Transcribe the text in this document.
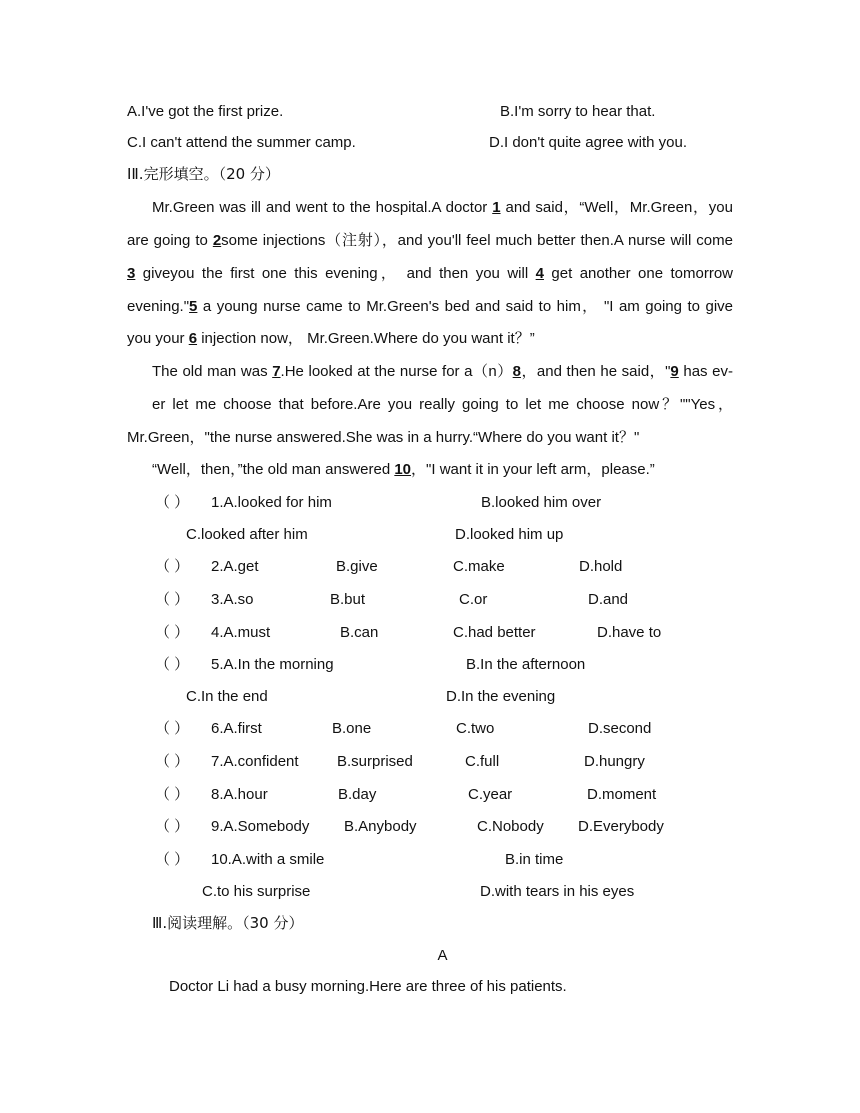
A.I've got the first prize.	B.I'm sorry to hear that.
C.I can't attend the summer camp.	D.I don't quite agree with you.
IⅡ.完形填空。（20 分）
Mr.Green was ill and went to the hospital.A doctor 1 and said，“Well，Mr.Green，you
are going to 2some injections（注射），and you'll feel much better then.A nurse will come
3 giveyou the first one this evening， and then you will 4 get another one tomorrow
evening."5 a young nurse came to Mr.Green's bed and said to him， "I am going to give
you your 6 injection now， Mr.Green.Where do you want it？”
The old man was 7.He looked at the nurse for a（n）8，and then he said，"9 has ev-
er let me choose that before.Are you really going to let me choose now？""Yes，
Mr.Green，"the nurse answered.She was in a hurry.“Where do you want it？"
“Well，then，”the old man answered 10，"I want it in your left arm，please.”
（ ） 1.A.looked for him	B.looked him over
C.looked after him	D.looked him up
（ ） 2.A.get	B.give	C.make	D.hold
（ ） 3.A.so	B.but	C.or	D.and
（ ） 4.A.must	B.can	C.had better	D.have to
（ ） 5.A.In the morning	B.In the afternoon
C.In the end	D.In the evening
（ ） 6.A.first	B.one	C.two	D.second
（ ） 7.A.confident	B.surprised	C.full	D.hungry
（ ） 8.A.hour	B.day	C.year	D.moment
（ ） 9.A.Somebody B.Anybody	C.Nobody D.Everybody
（ ） 10.A.with a smile	B.in time
C.to his surprise	D.with tears in his eyes
Ⅲ.阅读理解。（30 分）
A
Doctor Li had a busy morning.Here are three of his patients.
